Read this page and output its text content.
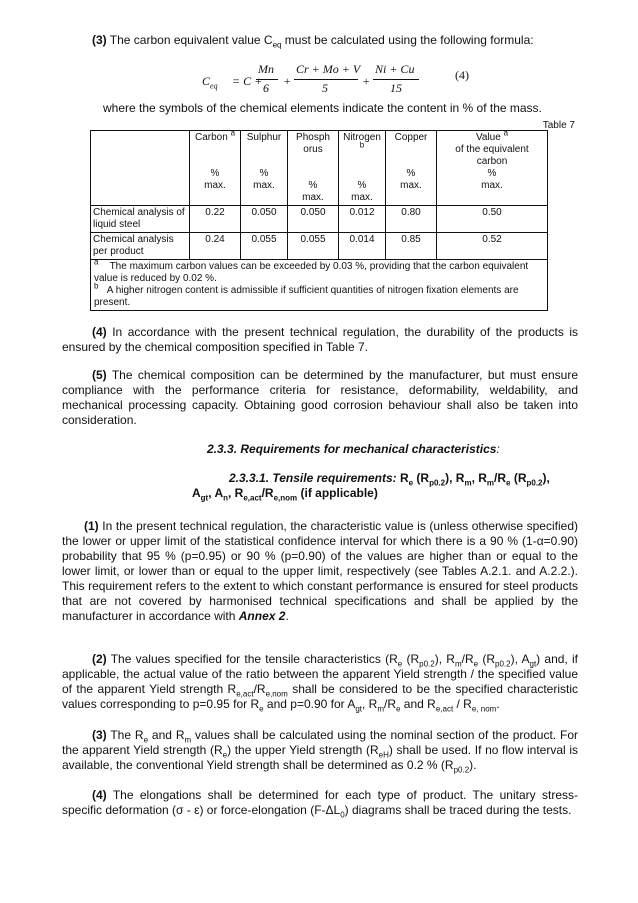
(3) The carbon equivalent value $C_{eq}$ must be calculated using the following formula:
$C_{eq} = C$ +
Mn
6 +
Cr + Mo + V
5	+
Ni + Cu
15
(4)
where the symbols of the chemical elements indicate the content in % of the mass.
Table 7
	Carbon $^a$

%
max.	Sulphur

%
max.	Phosph
orus

%
max.	Nitrogen
$^b$

%
max.	Copper

%
max.	Value $^a$
of the equivalent
carbon
%
max.
Chemical analysis of liquid steel	0.22	0.050	0.050	0.012	0.80	0.50
Chemical analysis per product	0.24	0.055	0.055	0.014	0.85	0.52
$^a$ The maximum carbon values can be exceeded by 0.03 %, providing that the carbon equivalent value is reduced by 0.02 %.
$^b$ A higher nitrogen content is admissible if sufficient quantities of nitrogen fixation elements are present.						
(4) In accordance with the present technical regulation, the durability of the products is ensured by the chemical composition specified in Table 7.
(5) The chemical composition can be determined by the manufacturer, but must ensure compliance with the performance criteria for resistance, deformability, weldability, and mechanical processing capacity. Obtaining good corrosion behaviour shall also be taken into consideration.
2.3.3. Requirements for mechanical characteristics:
2.3.3.1. Tensile requirements: $R_e$ $(R_{p0.2})$, $R_m$, $R_m/R_e$ $(R_{p0.2})$,
$A_{gt}$, $A_n$, $R_{e,act}/R_{e,nom}$ (if applicable)
(1) In the present technical regulation, the characteristic value is (unless otherwise specified) the lower or upper limit of the statistical confidence interval for which there is a 90 % (1-α=0.90) probability that 95 % (p=0.95) or 90 % (p=0.90) of the values are higher than or equal to the lower limit, or lower than or equal to the upper limit, respectively (see Tables A.2.1. and A.2.2.). This requirement refers to the extent to which constant performance is ensured for steel products that are not covered by harmonised technical specifications and shall be applied by the manufacturer in accordance with Annex 2.
(2) The values specified for the tensile characteristics ($R_e$ $(R_{p0.2})$, $R_m/R_e$ $(R_{p0.2})$, $A_{gt}$) and, if applicable, the actual value of the ratio between the apparent Yield strength / the specified value of the apparent Yield strength $R_{e,act}/R_{e,nom}$ shall be considered to be the specified characteristic values corresponding to p=0.95 for $R_e$ and p=0.90 for $A_{gt}$, $R_m/R_e$ and $R_{e,act} / R_{e, nom}$.
(3) The $R_e$ and $R_m$ values shall be calculated using the nominal section of the product. For the apparent Yield strength $(R_e)$ the upper Yield strength $(R_{eH})$ shall be used. If no flow interval is available, the conventional Yield strength shall be determined as 0.2 % $(R_{p0.2})$.
(4) The elongations shall be determined for each type of product. The unitary stress-specific deformation (σ - ε) or force-elongation $(F-\Delta L_0)$ diagrams shall be traced during the tests.
